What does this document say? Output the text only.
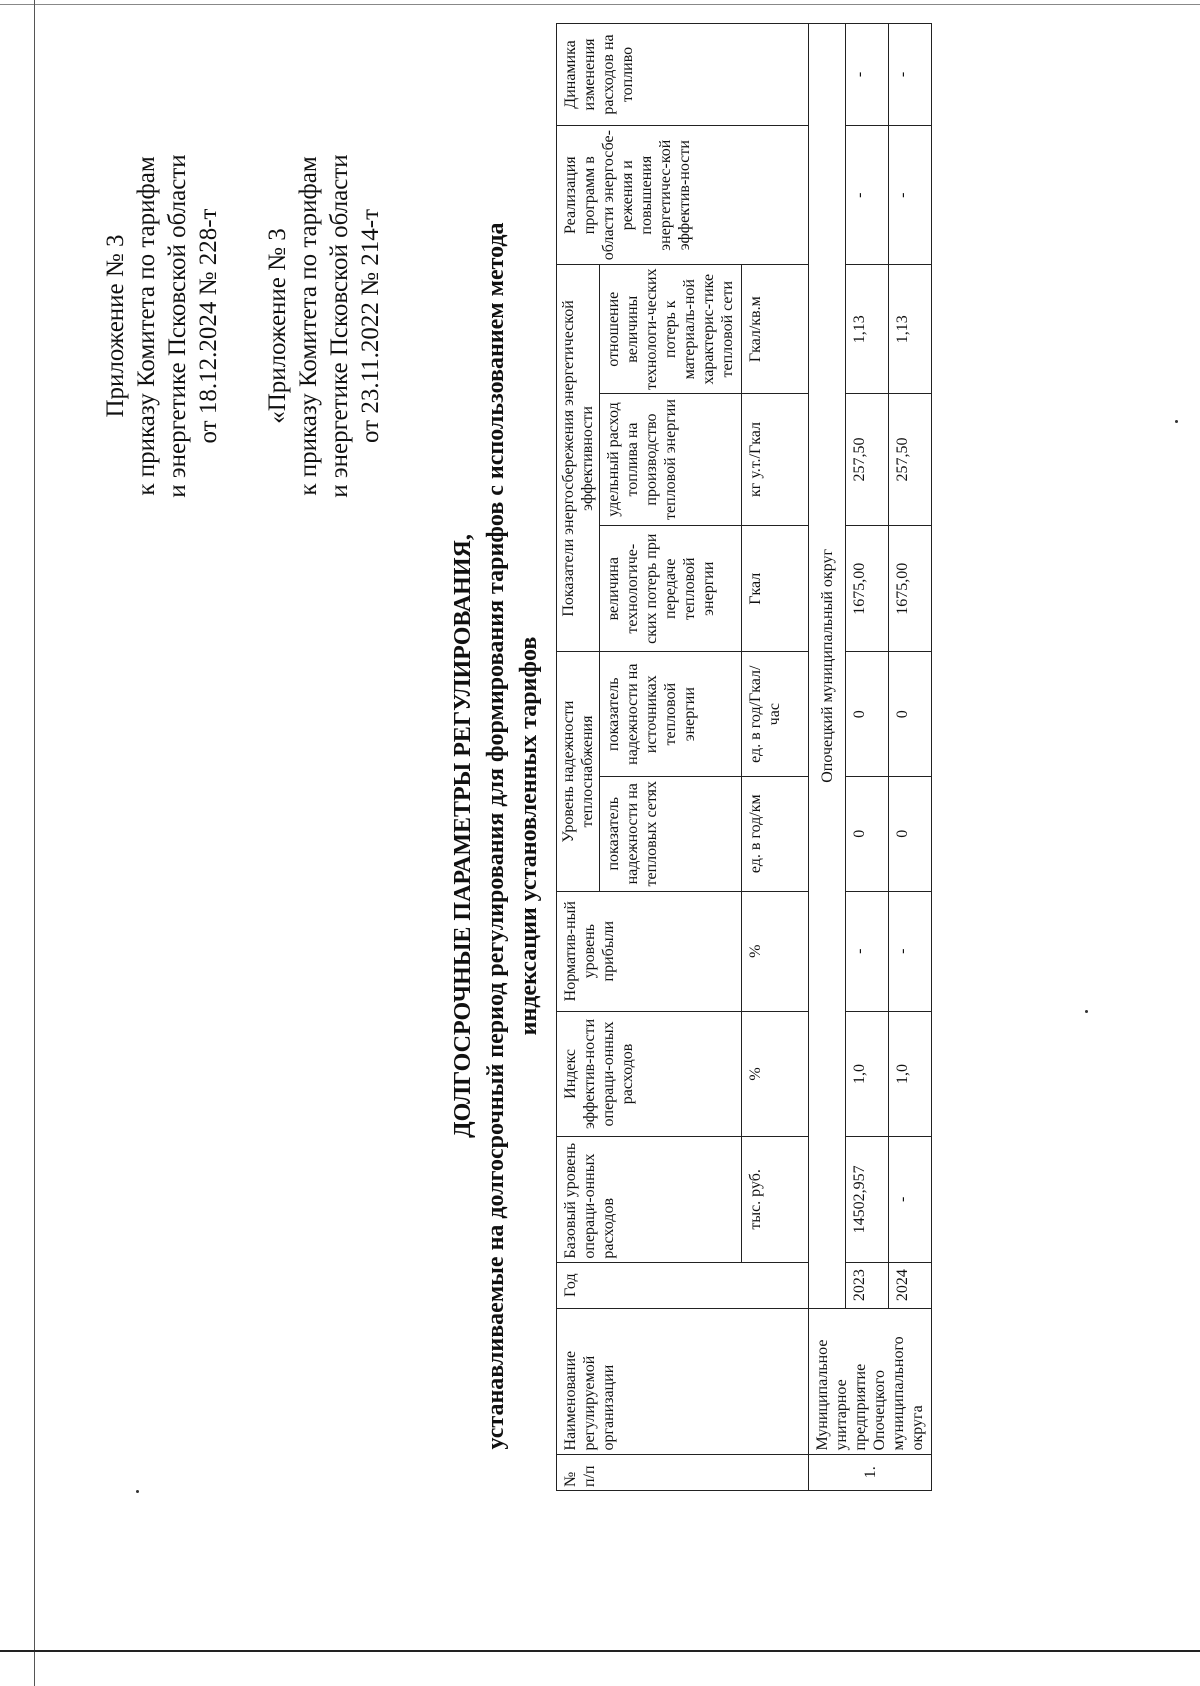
Приложение № 3 к приказу Комитета по тарифам и энергетике Псковской области от 18.12.2024 № 228-т «Приложение № 3 к приказу Комитета по тарифам и энергетике Псковской области от 23.11.2022 № 214-т
ДОЛГОСРОЧНЫЕ ПАРАМЕТРЫ РЕГУЛИРОВАНИЯ, устанавливаемые на долгосрочный период регулирования для формирования тарифов с использованием метода индексации установленных тарифов
№ п/п	Наименование регулируемой организации	Год	Базовый уровень операци-онных расходов	Индекс эффектив-ности операци-онных расходов	Норматив-ный уровень прибыли	Уровень надежности теплоснабжения		Показатели энергосбережения энергетической эффективности			Реализация программ в области энергосбе-режения и повышения энергетичес-кой эффектив-ности	Динамика изменения расходов на топливо
						показатель надежности на тепловых сетях	показатель надежности на источниках тепловой энергии	величина технологиче-ских потерь при передаче тепловой энергии	удельный расход топлива на производство тепловой энергии	отношение величины технологи-ческих потерь к материаль-ной характерис-тике тепловой сети		
			тыс. руб.	%	%	ед. в год/км	ед. в год/Гкал/час	Гкал	кг у.т./Гкал	Гкал/кв.м		
1.	Муниципальное унитарное предприятие Опочецкого муниципального округа	Опочецкий муниципальный округ										
		2023	14502,957	1,0	-	0	0	1675,00	257,50	1,13	-	-
		2024	-	1,0	-	0	0	1675,00	257,50	1,13	-	-
